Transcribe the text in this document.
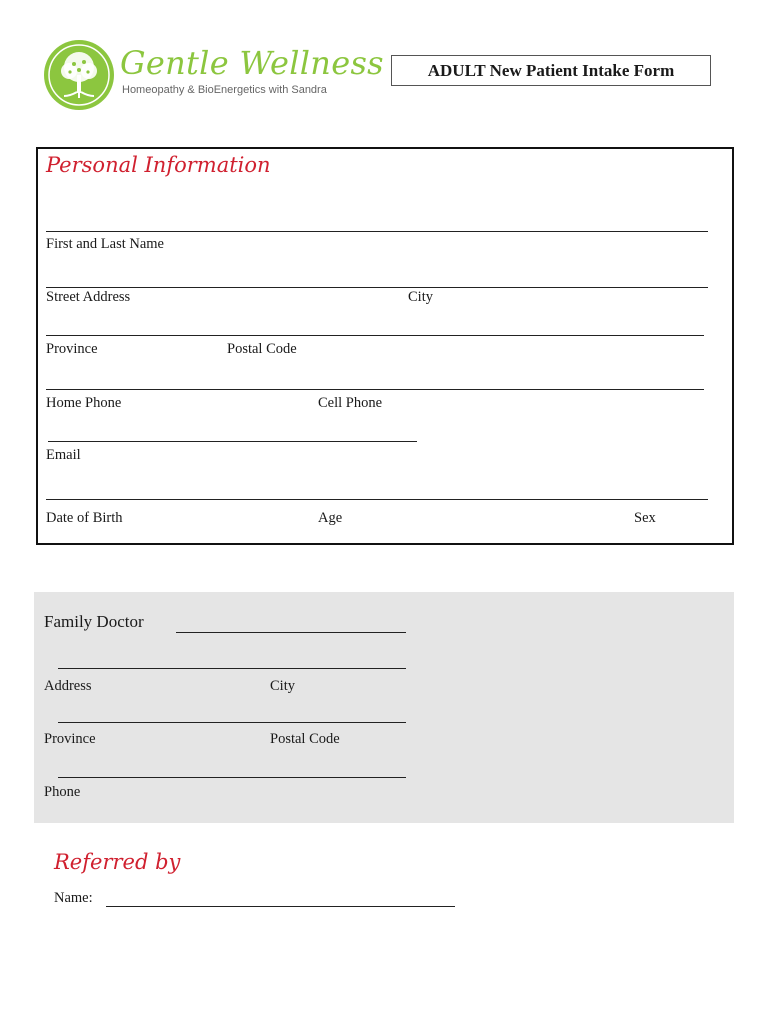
Gentle Wellness
Homeopathy & BioEnergetics with Sandra
ADULT New Patient Intake Form
Personal Information
First and Last Name
Street Address	City
Province	Postal Code
Home Phone	Cell Phone
Email
Date of Birth	Age	Sex
Family Doctor
Address	City
Province	Postal Code
Phone
Referred by
Name:
